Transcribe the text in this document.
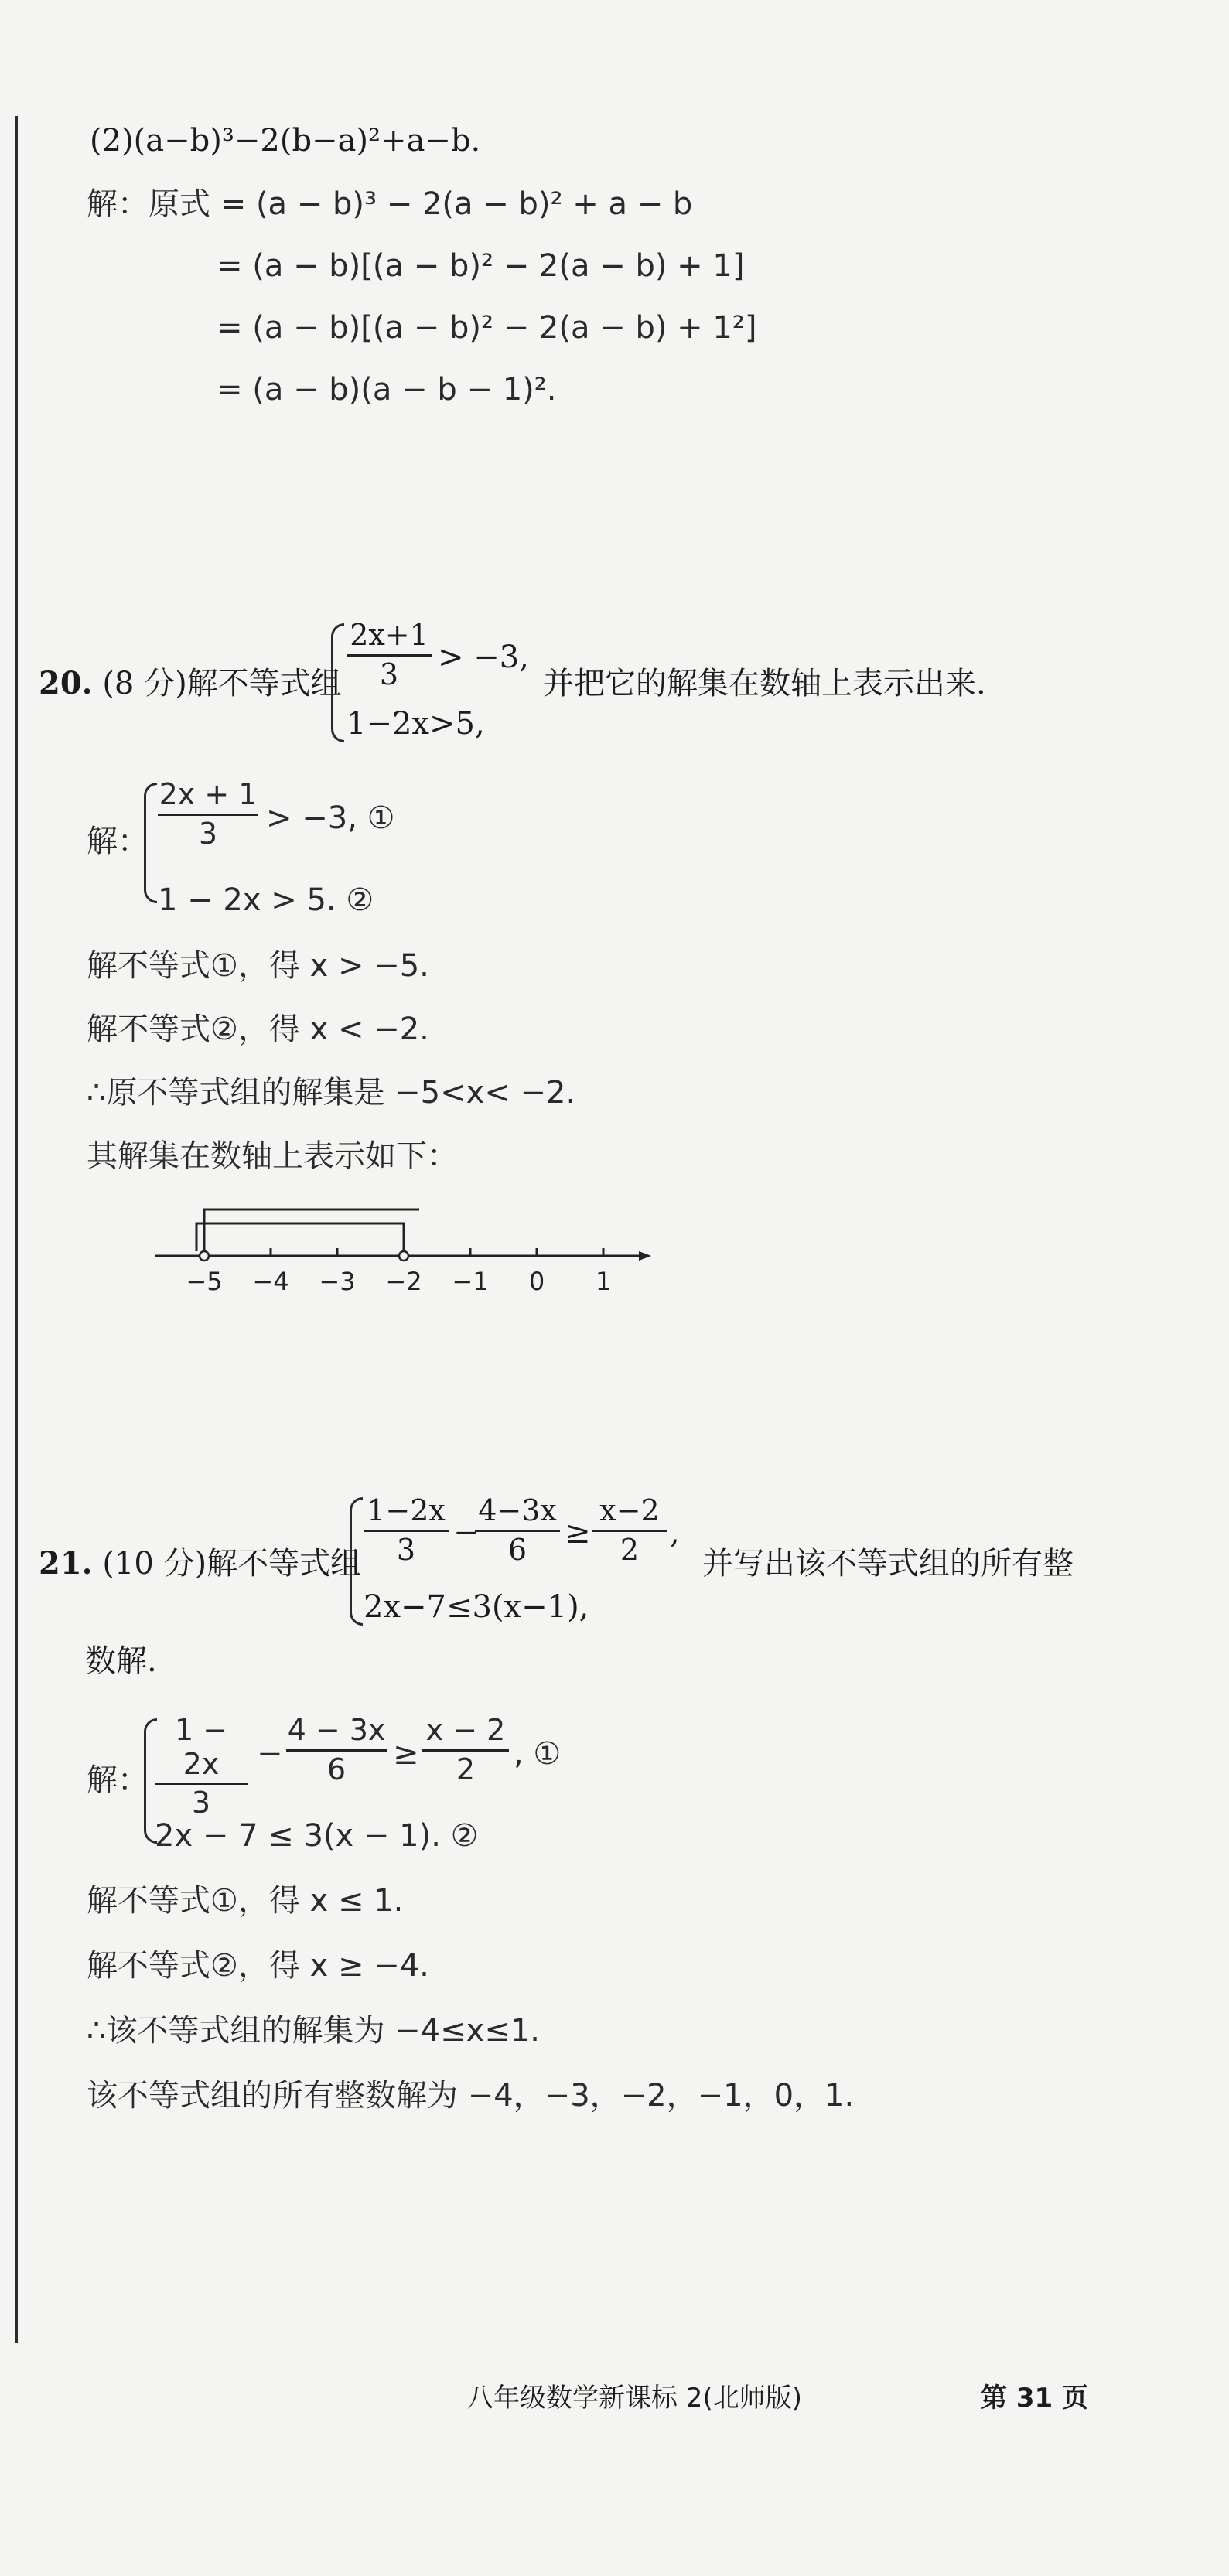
(2)(a−b)³−2(b−a)²+a−b.
解：原式 = (a − b)³ − 2(a − b)² + a − b
= (a − b)[(a − b)² − 2(a − b) + 1]
= (a − b)[(a − b)² − 2(a − b) + 1²]
= (a − b)(a − b − 1)².
20. (8 分)解不等式组
2x+1
3	> −3,
1−2x>5,
并把它的解集在数轴上表示出来.
解：
2x + 1
3	> −3, ①
1 − 2x > 5. ②
解不等式①，得 x > −5.
解不等式②，得 x < −2.
∴原不等式组的解集是 −5<x< −2.
其解集在数轴上表示如下：
−5 −4 −3 −2 −1 0 1
21. (10 分)解不等式组
1−2x
3	−
4−3x
6	≥
x−2
2 ,
2x−7≤3(x−1),
并写出该不等式组的所有整
数解.
解：
1 − 2x
3
−
4 − 3x
6	≥
x − 2
2	, ①
2x − 7 ≤ 3(x − 1). ②
解不等式①，得 x ≤ 1.
解不等式②，得 x ≥ −4.
∴该不等式组的解集为 −4≤x≤1.
该不等式组的所有整数解为 −4，−3，−2，−1，0，1.
八年级数学新课标 2(北师版)	第 31 页
